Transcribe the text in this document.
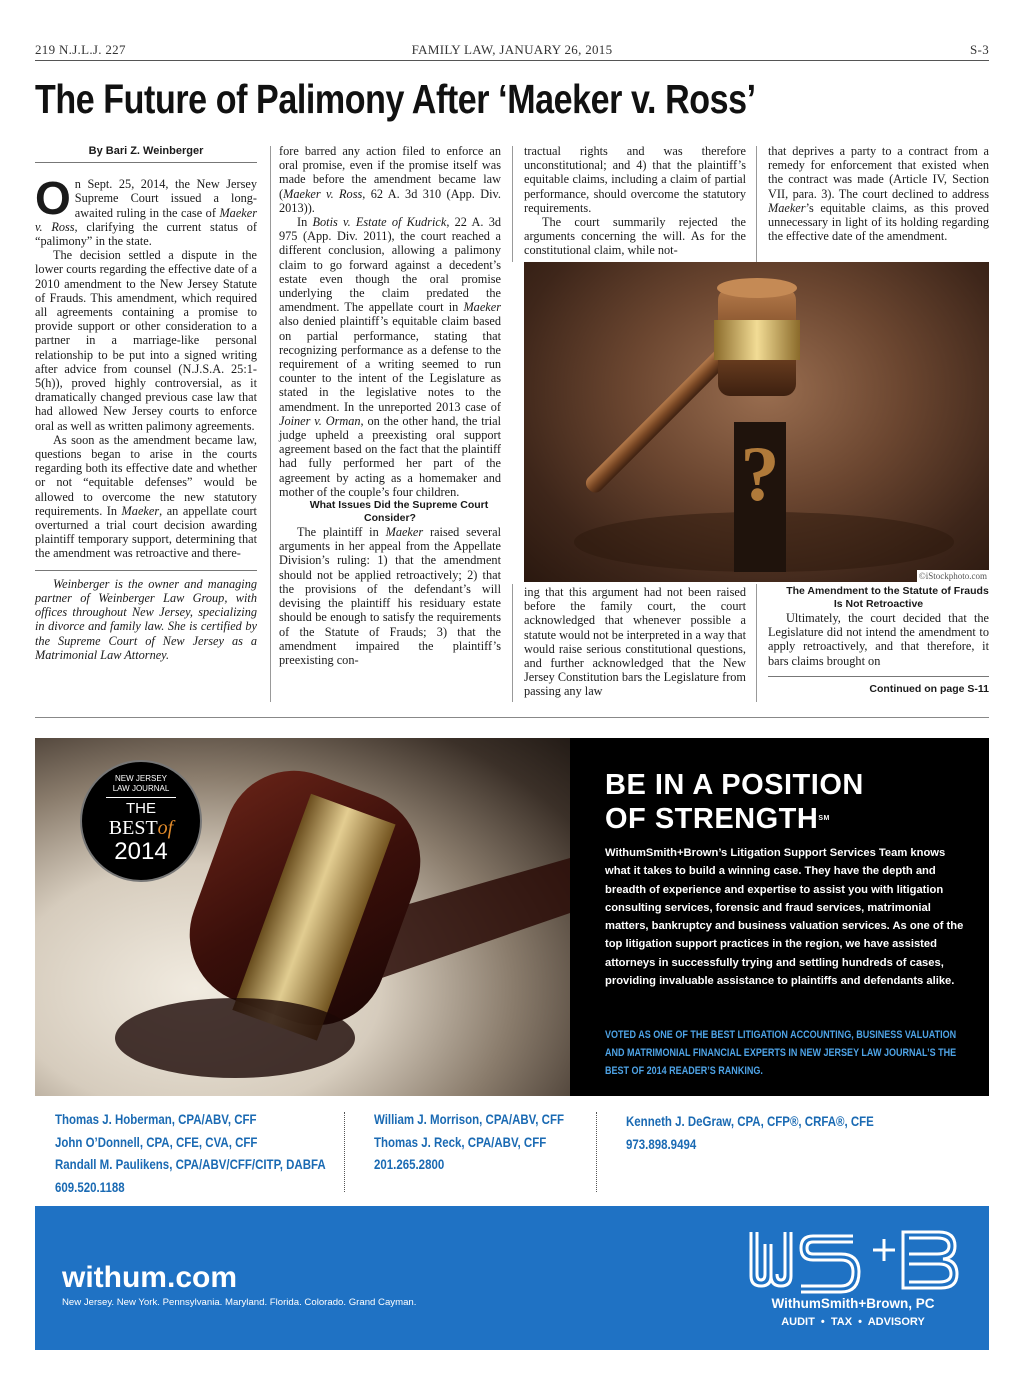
219 N.J.L.J. 227	FAMILY LAW, JANUARY 26, 2015	S-3
The Future of Palimony After ‘Maeker v. Ross’
By Bari Z. Weinberger

On Sept. 25, 2014, the New Jersey Supreme Court issued a long-awaited ruling in the case of Maeker v. Ross, clarifying the current status of “palimony” in the state.

The decision settled a dispute in the lower courts regarding the effective date of a 2010 amendment to the New Jersey Statute of Frauds. This amendment, which required all agreements containing a promise to provide support or other consideration to a partner in a marriage-like personal relationship to be put into a signed writing after advice from counsel (N.J.S.A. 25:1-5(h)), proved highly controversial, as it dramatically changed previous case law that had allowed New Jersey courts to enforce oral as well as written palimony agreements.

As soon as the amendment became law, questions began to arise in the courts regarding both its effective date and whether or not “equitable defenses” would be allowed to overcome the new statutory requirements. In Maeker, an appellate court overturned a trial court decision awarding plaintiff temporary support, determining that the amendment was retroactive and there-

Weinberger is the owner and managing partner of Weinberger Law Group, with offices throughout New Jersey, specializing in divorce and family law. She is certified by the Supreme Court of New Jersey as a Matrimonial Law Attorney.

fore barred any action filed to enforce an oral promise, even if the promise itself was made before the amendment became law (Maeker v. Ross, 62 A. 3d 310 (App. Div. 2013)).

In Botis v. Estate of Kudrick, 22 A. 3d 975 (App. Div. 2011), the court reached a different conclusion, allowing a palimony claim to go forward against a decedent’s estate even though the oral promise underlying the claim predated the amendment. The appellate court in Maeker also denied plaintiff’s equitable claim based on partial performance, stating that recognizing performance as a defense to the requirement of a writing seemed to run counter to the intent of the Legislature as stated in the legislative notes to the amendment. In the unreported 2013 case of Joiner v. Orman, on the other hand, the trial judge upheld a preexisting oral support agreement based on the fact that the plaintiff had fully performed her part of the agreement by acting as a homemaker and mother of the couple’s four children.

What Issues Did the Supreme Court Consider?

The plaintiff in Maeker raised several arguments in her appeal from the Appellate Division’s ruling: 1) that the amendment should not be applied retroactively; 2) that the provisions of the defendant’s will devising the plaintiff his residuary estate should be enough to satisfy the requirements of the Statute of Frauds; 3) that the amendment impaired the plaintiff’s preexisting con-

tractual rights and was therefore unconstitutional; and 4) that the plaintiff’s equitable claims, including a claim of partial performance, should overcome the statutory requirements.

The court summarily rejected the arguments concerning the will. As for the constitutional claim, while not-

that deprives a party to a contract from a remedy for enforcement that existed when the contract was made (Article IV, Section VII, para. 3). The court declined to address Maeker’s equitable claims, as this proved unnecessary in light of its holding regarding the effective date of the amendment.

?
©iStockphoto.com

ing that this argument had not been raised before the family court, the court acknowledged that whenever possible a statute would not be interpreted in a way that would raise serious constitutional questions, and further acknowledged that the New Jersey Constitution bars the Legislature from passing any law

The Amendment to the Statute of Frauds Is Not Retroactive

Ultimately, the court decided that the Legislature did not intend the amendment to apply retroactively, and that therefore, it bars claims brought on

Continued on page S-11

NEW JERSEY
LAW JOURNAL
THE
BESTof
2014
BE IN A POSITION
OF STRENGTH℠
WithumSmith+Brown’s Litigation Support Services Team knows what it takes to build a winning case. They have the depth and breadth of experience and expertise to assist you with litigation consulting services, forensic and fraud services, matrimonial matters, bankruptcy and business valuation services. As one of the top litigation support practices in the region, we have assisted attorneys in successfully trying and settling hundreds of cases, providing invaluable assistance to plaintiffs and defendants alike.
VOTED AS ONE OF THE BEST LITIGATION ACCOUNTING, BUSINESS VALUATION AND MATRIMONIAL FINANCIAL EXPERTS IN NEW JERSEY LAW JOURNAL’S THE BEST OF 2014 READER’S RANKING.
Thomas J. Hoberman, CPA/ABV, CFF
John O’Donnell, CPA, CFE, CVA, CFF
Randall M. Paulikens, CPA/ABV/CFF/CITP, DABFA
609.520.1188
William J. Morrison, CPA/ABV, CFF
Thomas J. Reck, CPA/ABV, CFF
201.265.2800
Kenneth J. DeGraw, CPA, CFP®, CRFA®, CFE
973.898.9494
withum.com
New Jersey. New York. Pennsylvania. Maryland. Florida. Colorado. Grand Cayman.	WithumSmith+Brown, PC
AUDIT  •  TAX  •  ADVISORY
